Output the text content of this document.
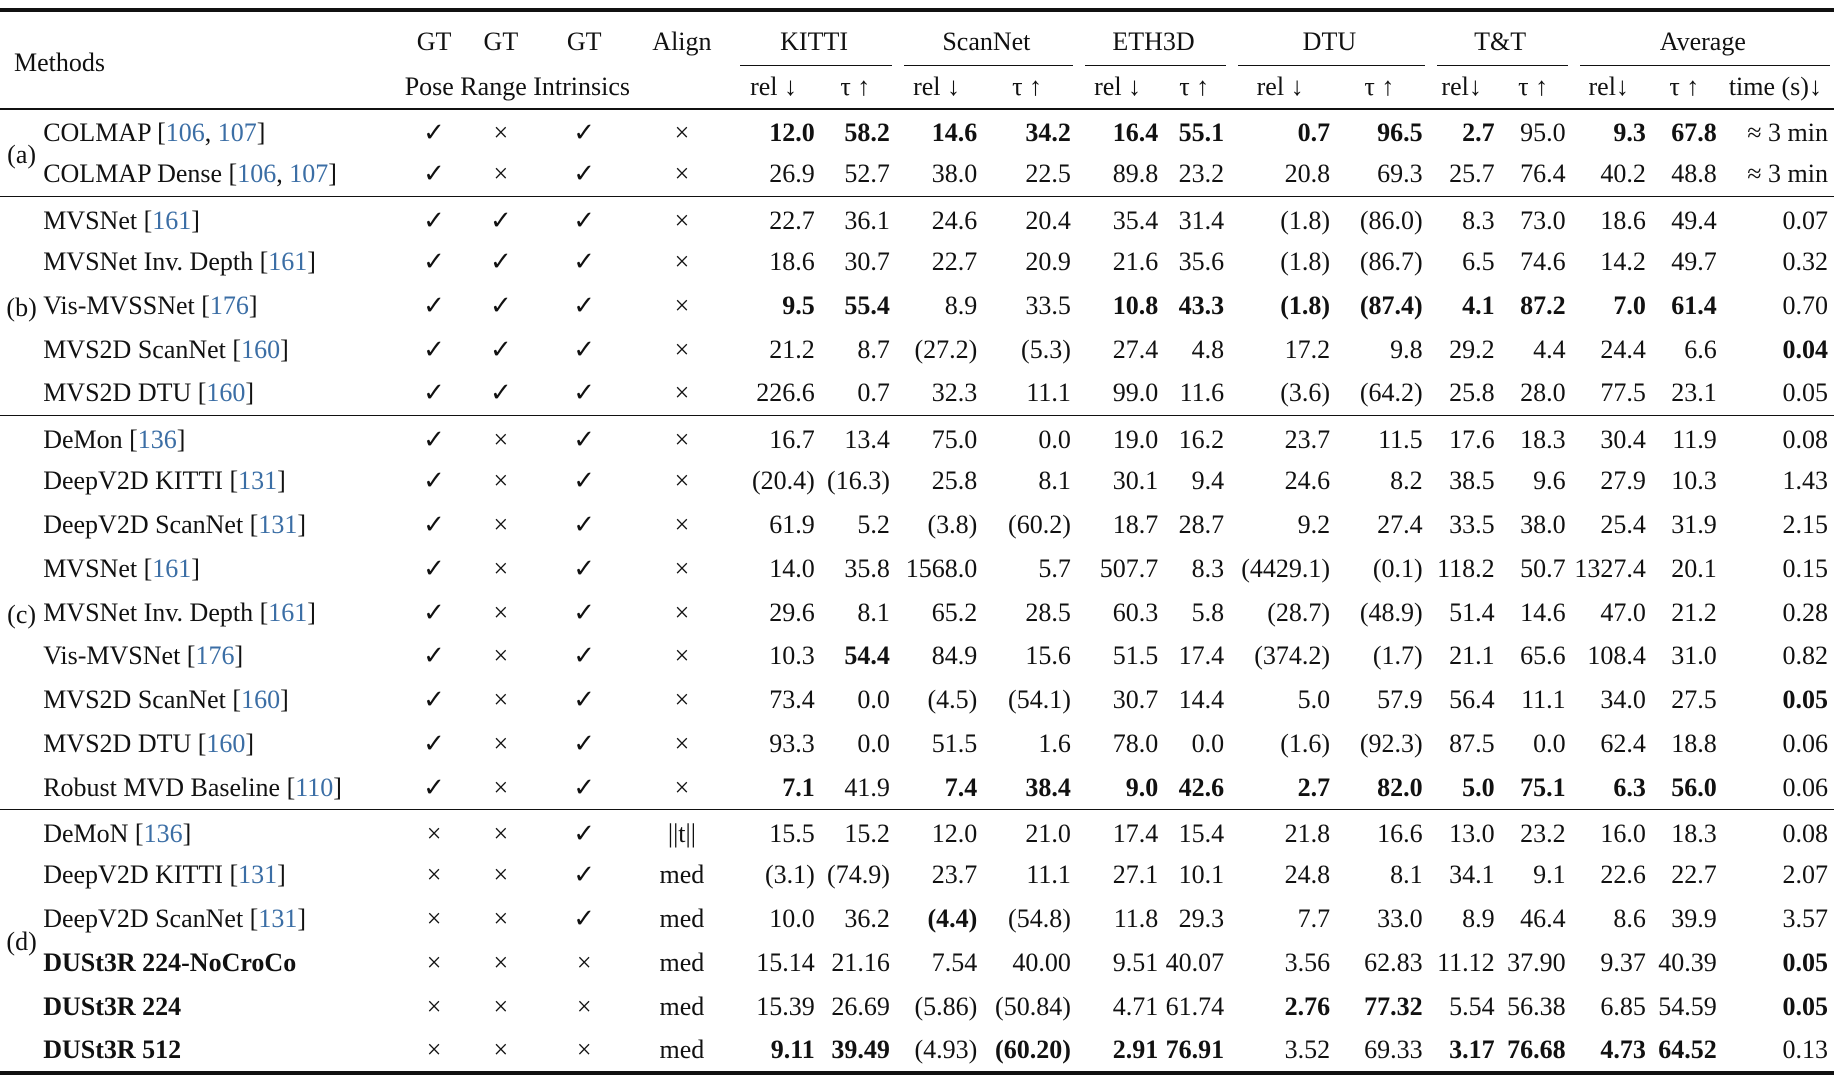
Methods		GT	GT	GT	Align	KITTI		ScanNet		ETH3D		DTU		T&T		Average		

		Pose Range Intrinsics				rel ↓	τ ↑	rel ↓	τ ↑	rel ↓	τ ↑	rel ↓	τ ↑	rel↓	τ ↑	rel↓	τ ↑	time (s)↓
(a)	COLMAP [106, 107]	✓	×	✓	×	12.0	58.2	14.6	34.2	16.4	55.1	0.7	96.5	2.7	95.0	9.3	67.8	≈ 3 min
	COLMAP Dense [106, 107]	✓	×	✓	×	26.9	52.7	38.0	22.5	89.8	23.2	20.8	69.3	25.7	76.4	40.2	48.8	≈ 3 min
(b)	MVSNet [161]	✓	✓	✓	×	22.7	36.1	24.6	20.4	35.4	31.4	(1.8)	(86.0)	8.3	73.0	18.6	49.4	0.07
	MVSNet Inv. Depth [161]	✓	✓	✓	×	18.6	30.7	22.7	20.9	21.6	35.6	(1.8)	(86.7)	6.5	74.6	14.2	49.7	0.32
	Vis-MVSSNet [176]	✓	✓	✓	×	9.5	55.4	8.9	33.5	10.8	43.3	(1.8)	(87.4)	4.1	87.2	7.0	61.4	0.70
	MVS2D ScanNet [160]	✓	✓	✓	×	21.2	8.7	(27.2)	(5.3)	27.4	4.8	17.2	9.8	29.2	4.4	24.4	6.6	0.04
	MVS2D DTU [160]	✓	✓	✓	×	226.6	0.7	32.3	11.1	99.0	11.6	(3.6)	(64.2)	25.8	28.0	77.5	23.1	0.05
(c)	DeMon [136]	✓	×	✓	×	16.7	13.4	75.0	0.0	19.0	16.2	23.7	11.5	17.6	18.3	30.4	11.9	0.08
	DeepV2D KITTI [131]	✓	×	✓	×	(20.4)	(16.3)	25.8	8.1	30.1	9.4	24.6	8.2	38.5	9.6	27.9	10.3	1.43
	DeepV2D ScanNet [131]	✓	×	✓	×	61.9	5.2	(3.8)	(60.2)	18.7	28.7	9.2	27.4	33.5	38.0	25.4	31.9	2.15
	MVSNet [161]	✓	×	✓	×	14.0	35.8	1568.0	5.7	507.7	8.3	(4429.1)	(0.1)	118.2	50.7	1327.4	20.1	0.15
	MVSNet Inv. Depth [161]	✓	×	✓	×	29.6	8.1	65.2	28.5	60.3	5.8	(28.7)	(48.9)	51.4	14.6	47.0	21.2	0.28
	Vis-MVSNet [176]	✓	×	✓	×	10.3	54.4	84.9	15.6	51.5	17.4	(374.2)	(1.7)	21.1	65.6	108.4	31.0	0.82
	MVS2D ScanNet [160]	✓	×	✓	×	73.4	0.0	(4.5)	(54.1)	30.7	14.4	5.0	57.9	56.4	11.1	34.0	27.5	0.05
	MVS2D DTU [160]	✓	×	✓	×	93.3	0.0	51.5	1.6	78.0	0.0	(1.6)	(92.3)	87.5	0.0	62.4	18.8	0.06
	Robust MVD Baseline [110]	✓	×	✓	×	7.1	41.9	7.4	38.4	9.0	42.6	2.7	82.0	5.0	75.1	6.3	56.0	0.06
(d)	DeMoN [136]	×	×	✓	||t||	15.5	15.2	12.0	21.0	17.4	15.4	21.8	16.6	13.0	23.2	16.0	18.3	0.08
	DeepV2D KITTI [131]	×	×	✓	med	(3.1)	(74.9)	23.7	11.1	27.1	10.1	24.8	8.1	34.1	9.1	22.6	22.7	2.07
	DeepV2D ScanNet [131]	×	×	✓	med	10.0	36.2	(4.4)	(54.8)	11.8	29.3	7.7	33.0	8.9	46.4	8.6	39.9	3.57
	DUSt3R 224-NoCroCo	×	×	×	med	15.14	21.16	7.54	40.00	9.51	40.07	3.56	62.83	11.12	37.90	9.37	40.39	0.05
	DUSt3R 224	×	×	×	med	15.39	26.69	(5.86)	(50.84)	4.71	61.74	2.76	77.32	5.54	56.38	6.85	54.59	0.05
	DUSt3R 512	×	×	×	med	9.11	39.49	(4.93)	(60.20)	2.91	76.91	3.52	69.33	3.17	76.68	4.73	64.52	0.13
